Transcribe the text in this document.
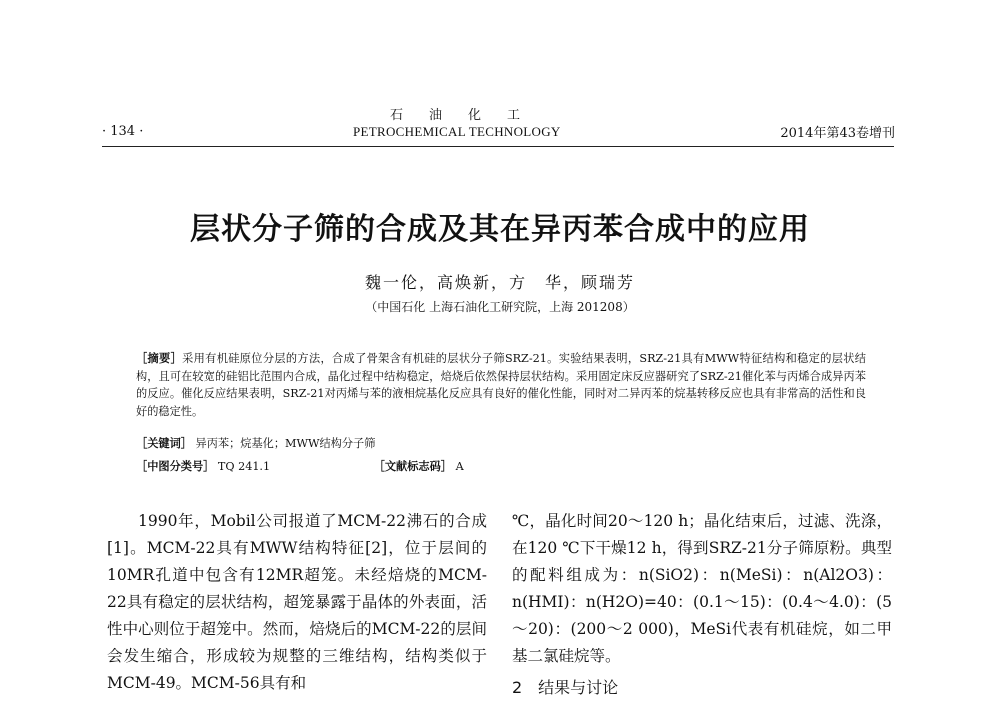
石油化工
· 134 ·	PETROCHEMICAL TECHNOLOGY	2014年第43卷增刊
层状分子筛的合成及其在异丙苯合成中的应用
魏一伦，高焕新，方　华，顾瑞芳
（中国石化 上海石油化工研究院，上海 201208）
［摘要］采用有机硅原位分层的方法，合成了骨架含有机硅的层状分子筛SRZ-21。实验结果表明，SRZ-21具有MWW特征结构和稳定的层状结构，且可在较宽的硅铝比范围内合成，晶化过程中结构稳定，焙烧后依然保持层状结构。采用固定床反应器研究了SRZ-21催化苯与丙烯合成异丙苯的反应。催化反应结果表明，SRZ-21对丙烯与苯的液相烷基化反应具有良好的催化性能，同时对二异丙苯的烷基转移反应也具有非常高的活性和良好的稳定性。
［关键词］ 异丙苯；烷基化；MWW结构分子筛
［中图分类号］ TQ 241.1	［文献标志码］ A

1990年，Mobil公司报道了MCM-22沸石的合成[1]。MCM-22具有MWW结构特征[2]，位于层间的10MR孔道中包含有12MR超笼。未经焙烧的MCM-22具有稳定的层状结构，超笼暴露于晶体的外表面，活性中心则位于超笼中。然而，焙烧后的MCM-22的层间会发生缩合，形成较为规整的三维结构，结构类似于MCM-49。MCM-56具有和

℃，晶化时间20～120 h；晶化结束后，过滤、洗涤，在120 ℃下干燥12 h，得到SRZ-21分子筛原粉。典型的配料组成为：n(SiO2)：n(MeSi)：n(Al2O3)：n(HMI)：n(H2O)=40：(0.1～15)：(0.4～4.0)：(5～20)：(200～2 000)，MeSi代表有机硅烷，如二甲基二氯硅烷等。

2　结果与讨论
